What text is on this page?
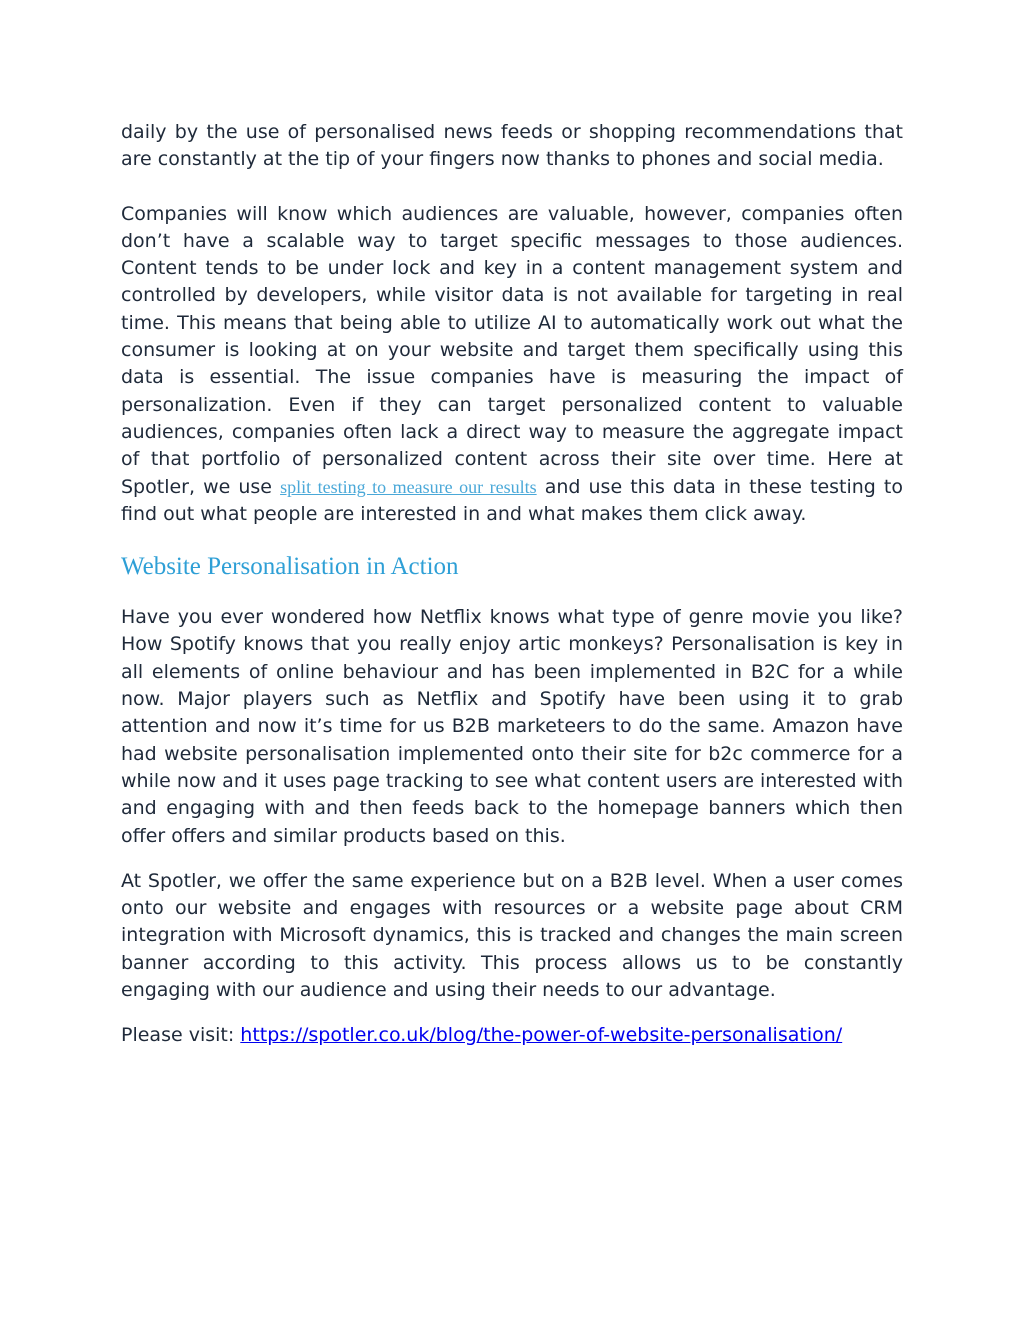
daily by the use of personalised news feeds or shopping recommendations that are constantly at the tip of your fingers now thanks to phones and social media.

Companies will know which audiences are valuable, however, companies often don’t have a scalable way to target specific messages to those audiences. Content tends to be under lock and key in a content management system and controlled by developers, while visitor data is not available for targeting in real time. This means that being able to utilize AI to automatically work out what the consumer is looking at on your website and target them specifically using this data is essential. The issue companies have is measuring the impact of personalization. Even if they can target personalized content to valuable audiences, companies often lack a direct way to measure the aggregate impact of that portfolio of personalized content across their site over time. Here at Spotler, we use split testing to measure our results and use this data in these testing to find out what people are interested in and what makes them click away.

Website Personalisation in Action

Have you ever wondered how Netflix knows what type of genre movie you like? How Spotify knows that you really enjoy artic monkeys? Personalisation is key in all elements of online behaviour and has been implemented in B2C for a while now. Major players such as Netflix and Spotify have been using it to grab attention and now it’s time for us B2B marketeers to do the same. Amazon have had website personalisation implemented onto their site for b2c commerce for a while now and it uses page tracking to see what content users are interested with and engaging with and then feeds back to the homepage banners which then offer offers and similar products based on this.

At Spotler, we offer the same experience but on a B2B level. When a user comes onto our website and engages with resources or a website page about CRM integration with Microsoft dynamics, this is tracked and changes the main screen banner according to this activity. This process allows us to be constantly engaging with our audience and using their needs to our advantage.

Please visit: https://spotler.co.uk/blog/the-power-of-website-personalisation/
